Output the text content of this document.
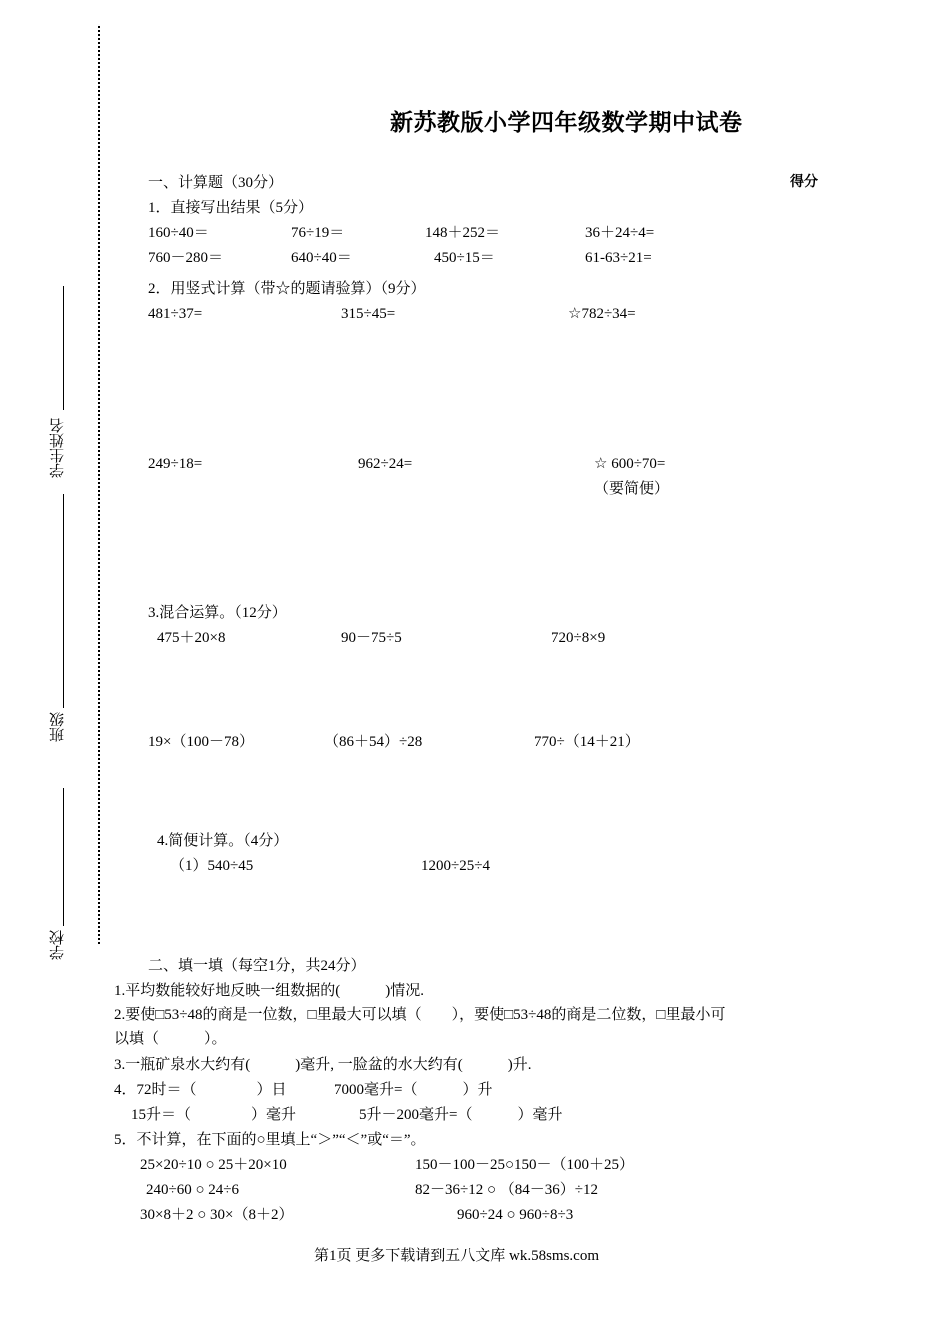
学生姓名
班级
学校
新苏教版小学四年级数学期中试卷
得分
一、计算题（30分）
1．直接写出结果（5分）
160÷40＝	76÷19＝	148＋252＝	36＋24÷4=
760－280＝	640÷40＝	450÷15＝	61-63÷21=
2．用竖式计算（带☆的题请验算）（9分）
481÷37=	315÷45=	☆782÷34=
249÷18=	962÷24=	☆ 600÷70=
（要简便）
3.混合运算。（12分）
475＋20×8	90－75÷5	720÷8×9
19×（100－78）	（86＋54）÷28	770÷（14＋21）
4.简便计算。（4分）
（1）540÷45	1200÷25÷4
二、填一填（每空1分，共24分）
1.平均数能较好地反映一组数据的(　　　)情况.
2.要使□53÷48的商是一位数，□里最大可以填（　　），要使□53÷48的商是二位数，□里最小可
以填（　　　）。
3.一瓶矿泉水大约有(　　　)毫升, 一脸盆的水大约有(　　　)升.
4．72时＝（　　　　）日	7000毫升=（　　　）升
15升＝（　　　　）毫升	5升－200毫升=（　　　）毫升
5．不计算，在下面的○里填上“＞”“＜”或“＝”。
25×20÷10 ○ 25＋20×10	150－100－25○150－（100＋25）
240÷60 ○ 24÷6	82－36÷12 ○ （84－36）÷12
30×8＋2 ○ 30×（8＋2）	960÷24 ○ 960÷8÷3
第1页 更多下载请到五八文库 wk.58sms.com
